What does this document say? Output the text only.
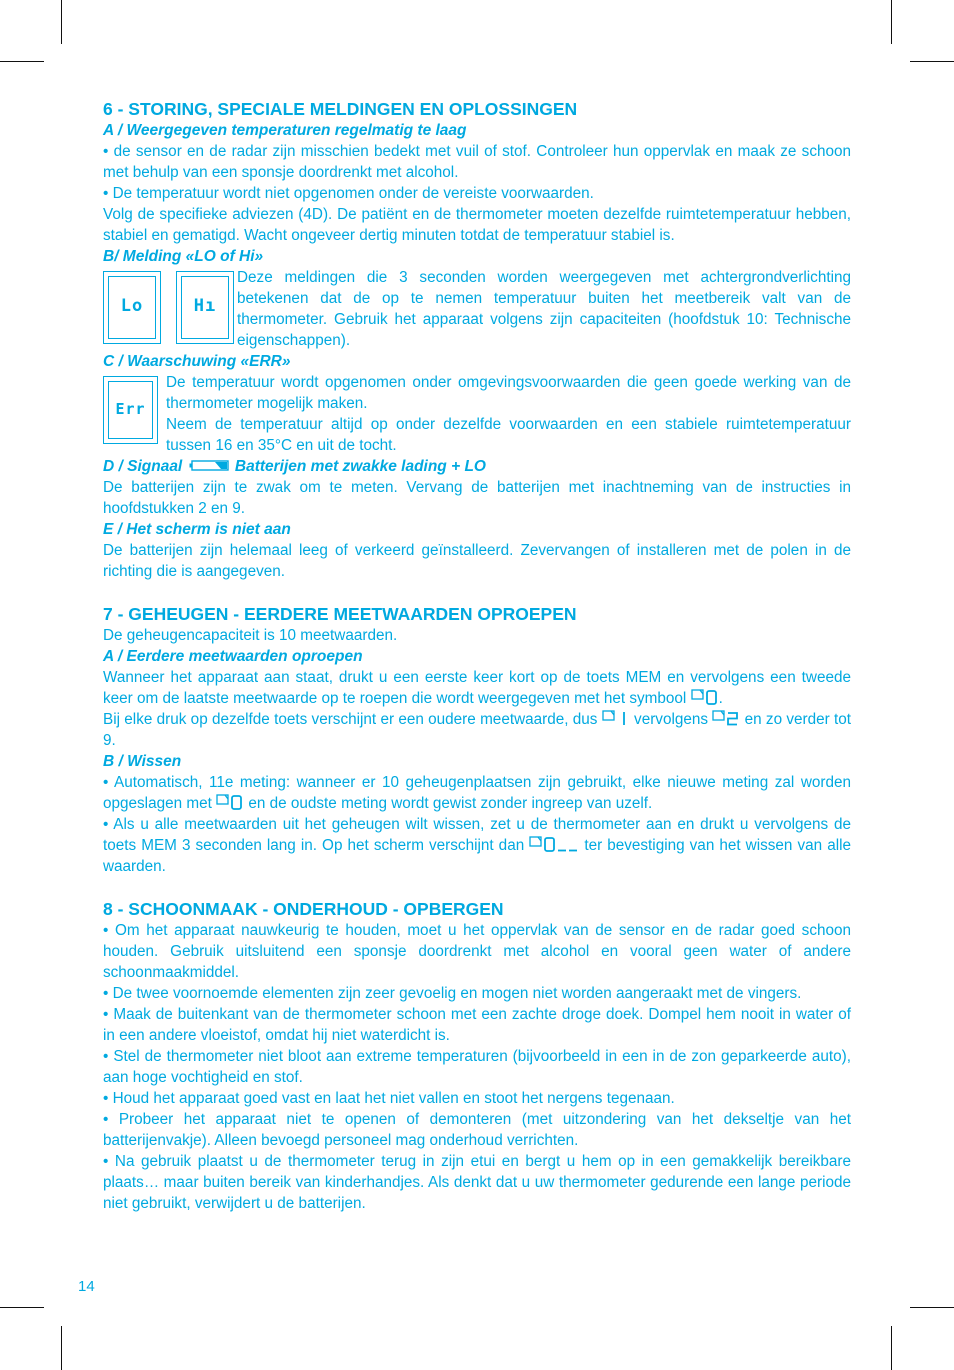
6 - STORING, SPECIALE MELDINGEN EN OPLOSSINGEN
A / Weergegeven temperaturen regelmatig te laag

• de sensor en de radar zijn misschien bedekt met vuil of stof. Controleer hun oppervlak en maak ze schoon met behulp van een sponsje doordrenkt met alcohol.

• De temperatuur wordt niet opgenomen onder de vereiste voorwaarden.

Volg de specifieke adviezen (4D). De patiënt en de thermometer moeten dezelfde ruimtetemperatuur hebben, stabiel en gematigd. Wacht ongeveer dertig minuten totdat de temperatuur stabiel is.

B/ Melding «LO of Hi»
Lo	Hı

Deze meldingen die 3 seconden worden weergegeven met achtergrondverlichting betekenen dat de op te nemen temperatuur buiten het meetbereik valt van de thermometer. Gebruik het apparaat volgens zijn capaciteiten (hoofdstuk 10: Technische eigenschappen).

C / Waarschuwing «ERR»
Err

De temperatuur wordt opgenomen onder omgevingsvoorwaarden die geen goede werking van de thermometer mogelijk maken.

Neem de temperatuur altijd op onder dezelfde voorwaarden en een stabiele ruimtetemperatuur tussen 16 en 35°C en uit de tocht.

D / Signaal	Batterijen met zwakke lading + LO

De batterijen zijn te zwak om te meten. Vervang de batterijen met inachtneming van de instructies in hoofdstukken 2 en 9.

E / Het scherm is niet aan

De batterijen zijn helemaal leeg of verkeerd geïnstalleerd. Zevervangen of installeren met de polen in de richting die is aangegeven.

7 - GEHEUGEN - EERDERE MEETWAARDEN OPROEPEN

De geheugencapaciteit is 10 meetwaarden.

A / Eerdere meetwaarden oproepen

Wanneer het apparaat aan staat, drukt u een eerste keer kort op de toets MEM en vervolgens een tweede keer om de laatste meetwaarde op te roepen die wordt weergegeven met het symbool .

Bij elke druk op dezelfde toets verschijnt er een oudere meetwaarde, dus vervolgens en zo verder tot 9.

B / Wissen

• Automatisch, 11e meting: wanneer er 10 geheugenplaatsen zijn gebruikt, elke nieuwe meting zal worden opgeslagen met en de oudste meting wordt gewist zonder ingreep van uzelf.

• Als u alle meetwaarden uit het geheugen wilt wissen, zet u de thermometer aan en drukt u vervolgens de toets MEM 3 seconden lang in. Op het scherm verschijnt dan	ter bevestiging van het wissen van alle waarden.

8 - SCHOONMAAK - ONDERHOUD - OPBERGEN

• Om het apparaat nauwkeurig te houden, moet u het oppervlak van de sensor en de radar goed schoon houden. Gebruik uitsluitend een sponsje doordrenkt met alcohol en vooral geen water of andere schoonmaakmiddel.

• De twee voornoemde elementen zijn zeer gevoelig en mogen niet worden aangeraakt met de vingers.

• Maak de buitenkant van de thermometer schoon met een zachte droge doek. Dompel hem nooit in water of in een andere vloeistof, omdat hij niet waterdicht is.

• Stel de thermometer niet bloot aan extreme temperaturen (bijvoorbeeld in een in de zon geparkeerde auto), aan hoge vochtigheid en stof.

• Houd het apparaat goed vast en laat het niet vallen en stoot het nergens tegenaan.

• Probeer het apparaat niet te openen of demonteren (met uitzondering van het dekseltje van het batterijenvakje). Alleen bevoegd personeel mag onderhoud verrichten.

• Na gebruik plaatst u de thermometer terug in zijn etui en bergt u hem op in een gemakkelijk bereikbare plaats… maar buiten bereik van kinderhandjes. Als denkt dat u uw thermometer gedurende een lange periode niet gebruikt, verwijdert u de batterijen.

14
